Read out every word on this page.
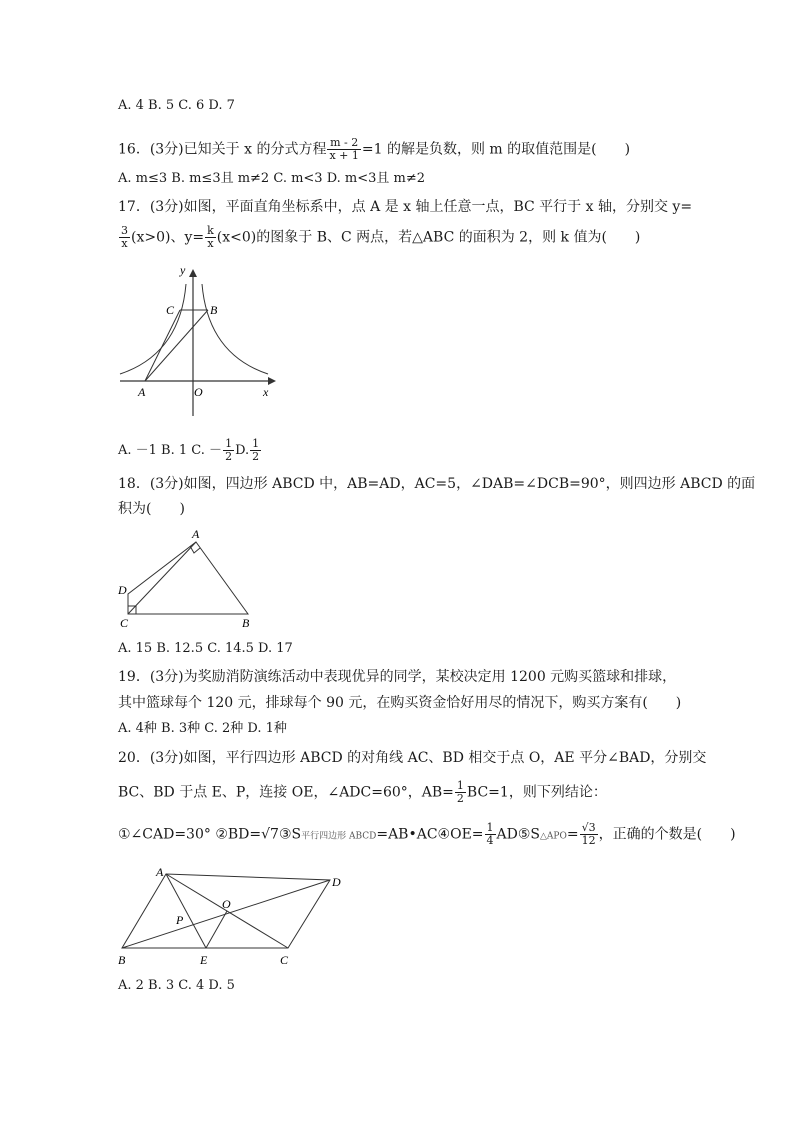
A. 4 B. 5 C. 6 D. 7
16．(3分)已知关于 x 的分式方程 $\frac{m - 2}{x + 1} =1$ 的解是负数，则 m 的取值范围是(　　)
A. m≤3 B. m≤3且 m≠2 C. m<3 D. m<3且 m≠2
17．(3分)如图，平面直角坐标系中，点 A 是 x 轴上任意一点，BC 平行于 x 轴，分别交 y=
$\frac{3}{x} (x>0)$、$y= \frac{k}{x} (x<0)$的图象于 B、C 两点，若△ABC 的面积为 2，则 k 值为(　　)
y
x
C	B
A	O
A. －1 B. 1 C. － $\frac{1}{2} D$. $\frac{1}{2}$
18．(3分)如图，四边形 ABCD 中，AB=AD，AC=5，∠DAB=∠DCB=90°，则四边形 ABCD 的面
积为(　　)
A
D
C	B
A. 15 B. 12.5 C. 14.5 D. 17
19．(3分)为奖励消防演练活动中表现优异的同学，某校决定用 1200 元购买篮球和排球，
其中篮球每个 120 元，排球每个 90 元，在购买资金恰好用尽的情况下，购买方案有(　　)
A. 4种 B. 3种 C. 2种 D. 1种
20．(3分)如图，平行四边形 ABCD 的对角线 AC、BD 相交于点 O，AE 平分∠BAD，分别交
BC、BD 于点 E、P，连接 OE，∠ADC=60°，$AB= \frac{1}{2} BC=1$，则下列结论：
①∠CAD=30° ②BD=√7③S平行四边形 ABCD=AB•AC④OE= $\frac{1}{4}$ AD⑤S△APO= $\frac{√3}{12}$ ，正确的个数是(　　)
A
D
O
P
B	E	C
A. 2 B. 3 C. 4 D. 5
